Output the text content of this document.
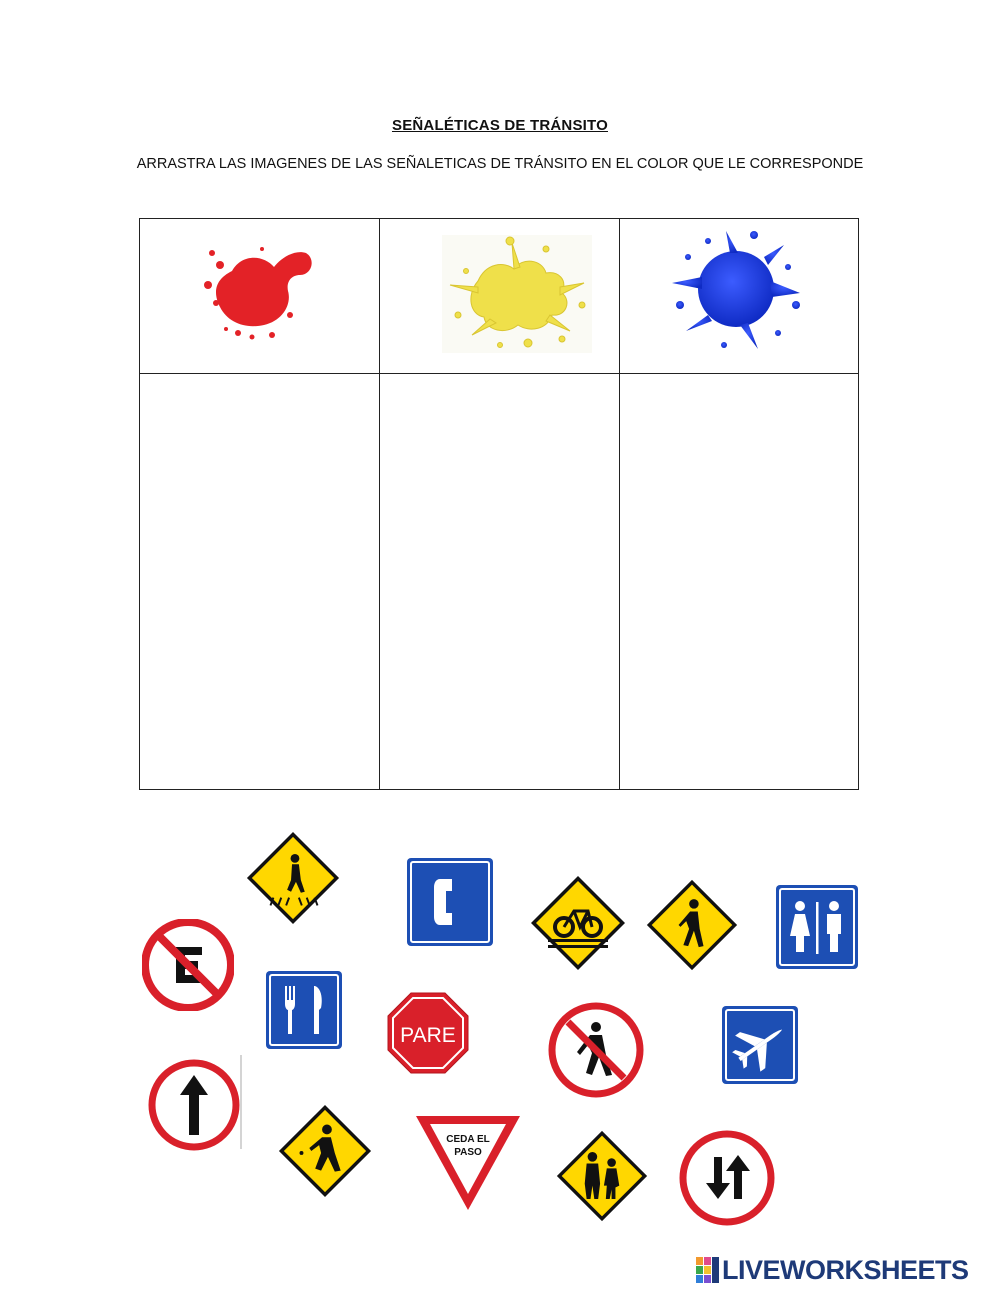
SEÑALÉTICAS DE TRÁNSITO
ARRASTRA LAS IMAGENES DE LAS SEÑALETICAS DE TRÁNSITO EN EL COLOR QUE LE CORRESPONDE
PARE
CEDA EL
PASO
LIVEWORKSHEETS
